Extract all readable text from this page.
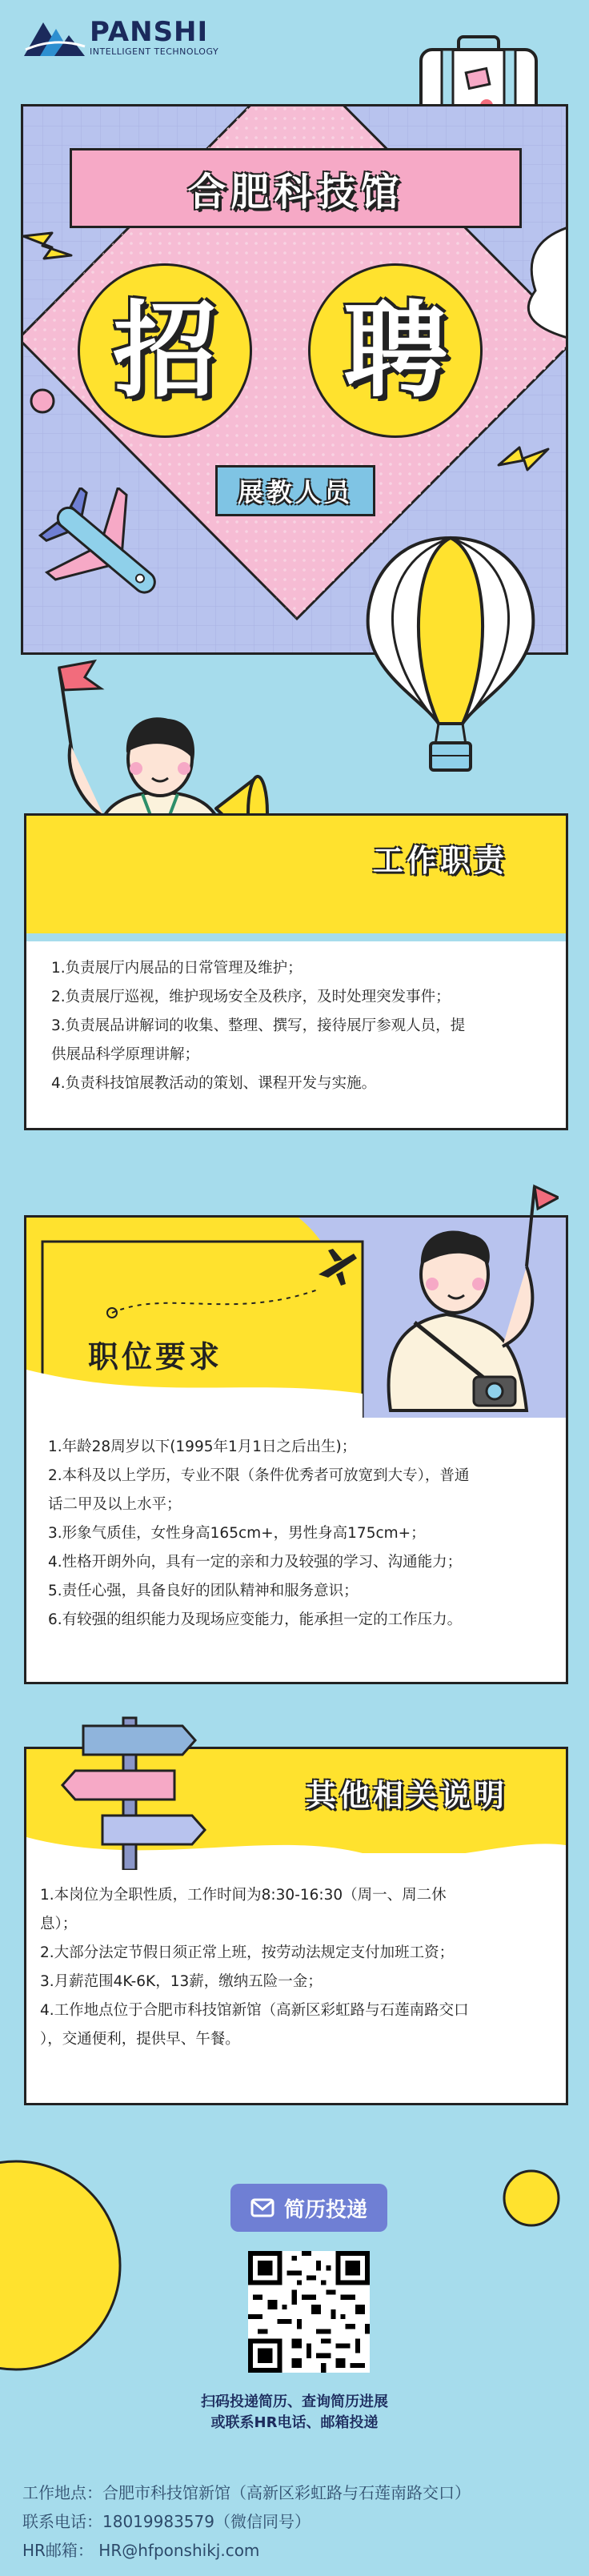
PANSHI
INTELLIGENT TECHNOLOGY
合肥科技馆
招 聘
展教人员
工作职责

1.负责展厅内展品的日常管理及维护；

2.负责展厅巡视，维护现场安全及秩序，及时处理突发事件；

3.负责展品讲解词的收集、整理、撰写，接待展厅参观人员，提

供展品科学原理讲解；

4.负责科技馆展教活动的策划、课程开发与实施。

职位要求

1.年龄28周岁以下(1995年1月1日之后出生)；

2.本科及以上学历，专业不限（条件优秀者可放宽到大专），普通

话二甲及以上水平；

3.形象气质佳，女性身高165cm+，男性身高175cm+；

4.性格开朗外向，具有一定的亲和力及较强的学习、沟通能力；

5.责任心强，具备良好的团队精神和服务意识；

6.有较强的组织能力及现场应变能力，能承担一定的工作压力。

其他相关说明

1.本岗位为全职性质，工作时间为8:30-16:30（周一、周二休

息）；

2.大部分法定节假日须正常上班，按劳动法规定支付加班工资；

3.月薪范围4K-6K，13薪，缴纳五险一金；

4.工作地点位于合肥市科技馆新馆（高新区彩虹路与石莲南路交口

），交通便利，提供早、午餐。

简历投递
扫码投递简历、查询简历进展
或联系HR电话、邮箱投递
工作地点：合肥市科技馆新馆（高新区彩虹路与石莲南路交口）
联系电话：18019983579（微信同号）
HR邮箱： HR@hfponshikj.com
